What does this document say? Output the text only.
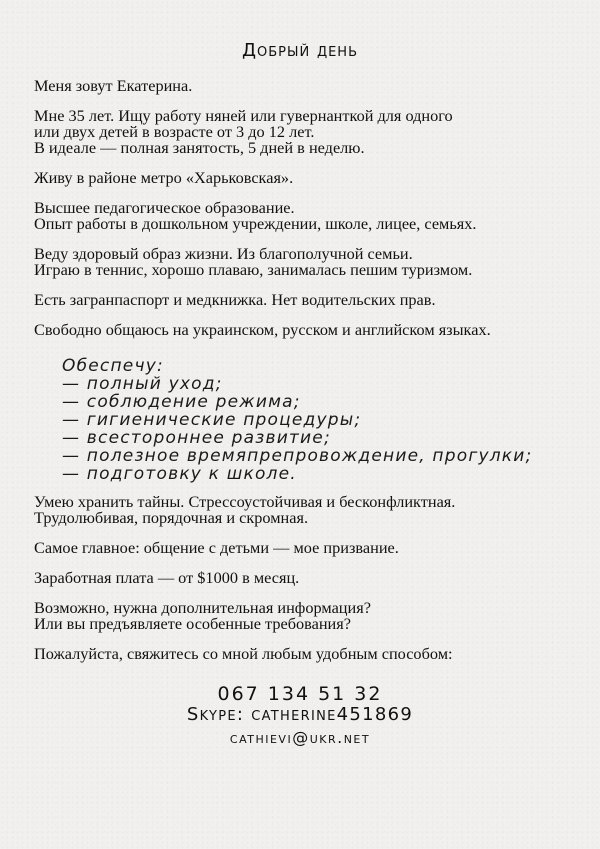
Добрый день
Меня зовут Екатерина.
Мне 35 лет. Ищу работу няней или гувернанткой для одного
или двух детей в возрасте от 3 до 12 лет.
В идеале — полная занятость, 5 дней в неделю.
Живу в районе метро «Харьковская».
Высшее педагогическое образование.
Опыт работы в дошкольном учреждении, школе, лицее, семьях.
Веду здоровый образ жизни. Из благополучной семьи.
Играю в теннис, хорошо плаваю, занималась пешим туризмом.
Есть загранпаспорт и медкнижка. Нет водительских прав.
Свободно общаюсь на украинском, русском и английском языках.
Обеспечу:
— полный уход;
— соблюдение режима;
— гигиенические процедуры;
— всестороннее развитие;
— полезное времяпрепровождение, прогулки;
— подготовку к школе.
Умею хранить тайны. Стрессоустойчивая и бесконфликтная.
Трудолюбивая, порядочная и скромная.
Самое главное: общение с детьми — мое призвание.
Заработная плата — от $1000 в месяц.
Возможно, нужна дополнительная информация?
Или вы предъявляете особенные требования?
Пожалуйста, свяжитесь со мной любым удобным способом:
067 134 51 32
Skype: catherine451869
cathievi@ukr.net
